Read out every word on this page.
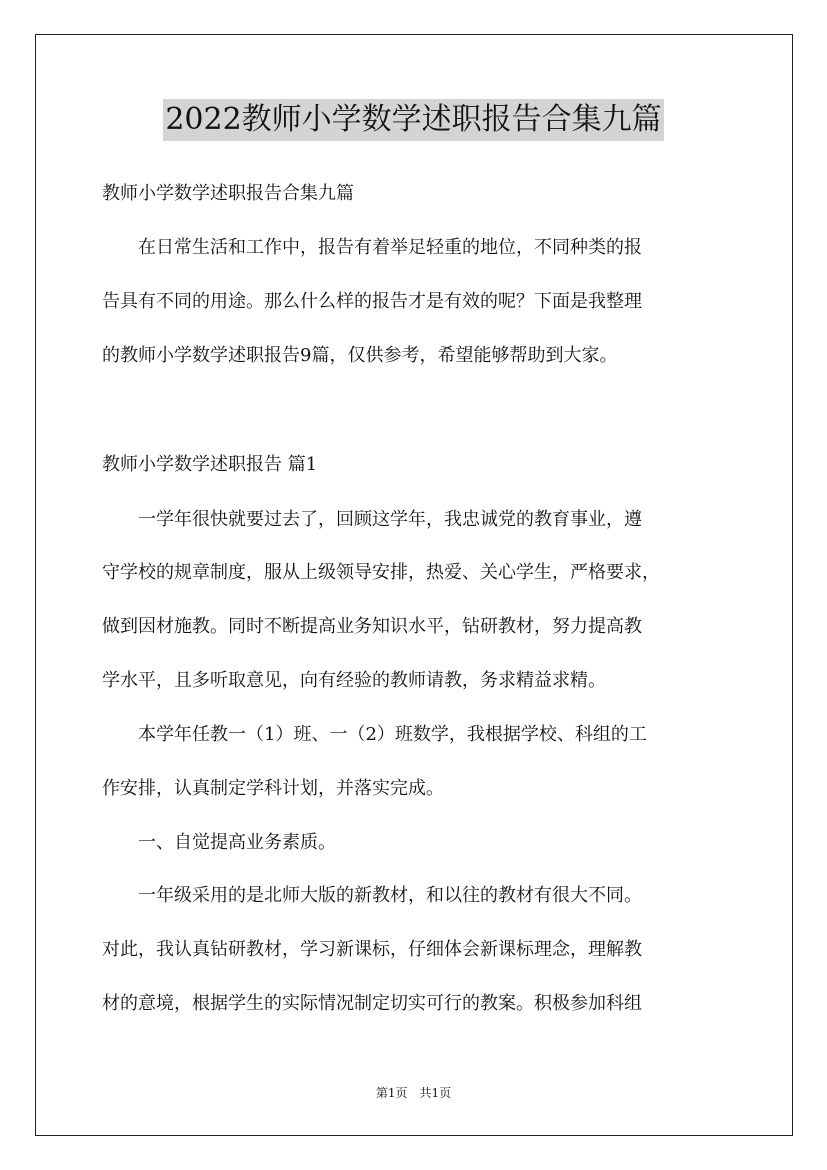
2022教师小学数学述职报告合集九篇

教师小学数学述职报告合集九篇

　　在日常生活和工作中，报告有着举足轻重的地位，不同种类的报

告具有不同的用途。那么什么样的报告才是有效的呢？下面是我整理

的教师小学数学述职报告9篇，仅供参考，希望能够帮助到大家。

教师小学数学述职报告 篇1

　　一学年很快就要过去了，回顾这学年，我忠诚党的教育事业，遵

守学校的规章制度，服从上级领导安排，热爱、关心学生，严格要求，

做到因材施教。同时不断提高业务知识水平，钻研教材，努力提高教

学水平，且多听取意见，向有经验的教师请教，务求精益求精。

　　本学年任教一（1）班、一（2）班数学，我根据学校、科组的工

作安排，认真制定学科计划，并落实完成。

　　一、自觉提高业务素质。

　　一年级采用的是北师大版的新教材，和以往的教材有很大不同。

对此，我认真钻研教材，学习新课标，仔细体会新课标理念，理解教

材的意境，根据学生的实际情况制定切实可行的教案。积极参加科组

第1页　共1页
